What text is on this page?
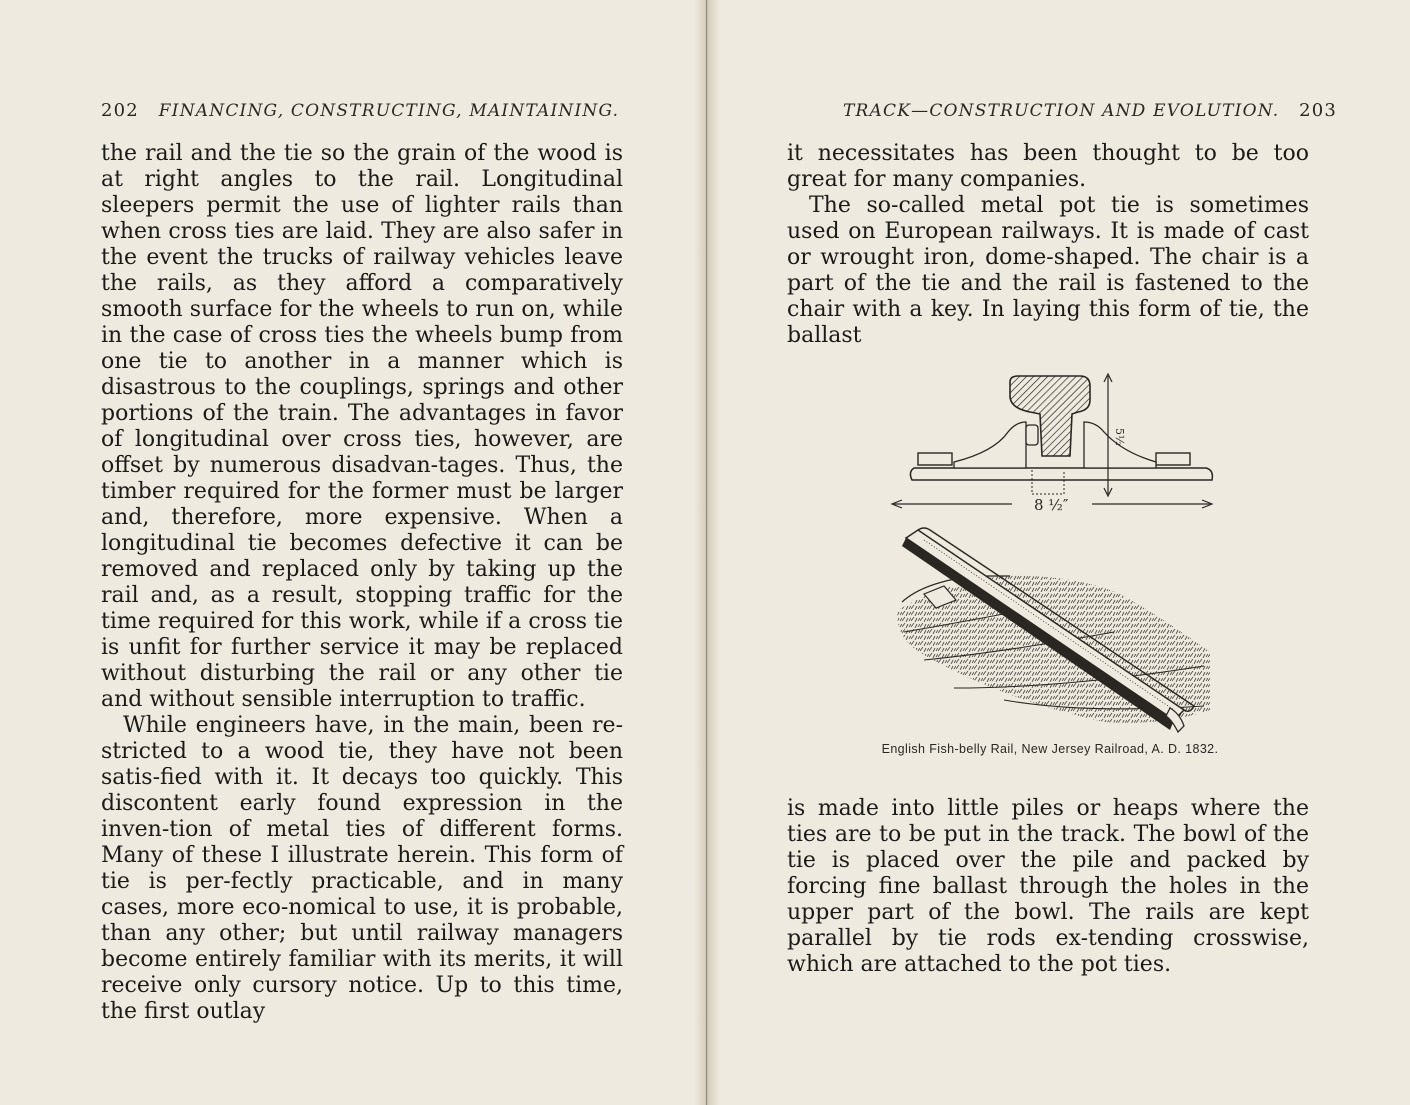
202 FINANCING, CONSTRUCTING, MAINTAINING.

the rail and the tie so the grain of the wood is at right angles to the rail. Longitudinal sleepers permit the use of lighter rails than when cross ties are laid. They are also safer in the event the trucks of railway vehicles leave the rails, as they afford a comparatively smooth surface for the wheels to run on, while in the case of cross ties the wheels bump from one tie to another in a manner which is disastrous to the couplings, springs and other portions of the train. The advantages in favor of longitudinal over cross ties, however, are offset by numerous disadvan-tages. Thus, the timber required for the former must be larger and, therefore, more expensive. When a longitudinal tie becomes defective it can be removed and replaced only by taking up the rail and, as a result, stopping traffic for the time required for this work, while if a cross tie is unfit for further service it may be replaced without disturbing the rail or any other tie and without sensible interruption to traffic.

While engineers have, in the main, been re-stricted to a wood tie, they have not been satis-fied with it. It decays too quickly. This discontent early found expression in the inven-tion of metal ties of different forms. Many of these I illustrate herein. This form of tie is per-fectly practicable, and in many cases, more eco-nomical to use, it is probable, than any other; but until railway managers become entirely familiar with its merits, it will receive only cursory notice. Up to this time, the first outlay

TRACK—CONSTRUCTION AND EVOLUTION. 203

it necessitates has been thought to be too great for many companies.

The so-called metal pot tie is sometimes used on European railways. It is made of cast or wrought iron, dome-shaped. The chair is a part of the tie and the rail is fastened to the chair with a key. In laying this form of tie, the ballast

5½
8 ½″
English Fish-belly Rail, New Jersey Railroad, A. D. 1832.

is made into little piles or heaps where the ties are to be put in the track. The bowl of the tie is placed over the pile and packed by forcing fine ballast through the holes in the upper part of the bowl. The rails are kept parallel by tie rods ex-tending crosswise, which are attached to the pot ties.
